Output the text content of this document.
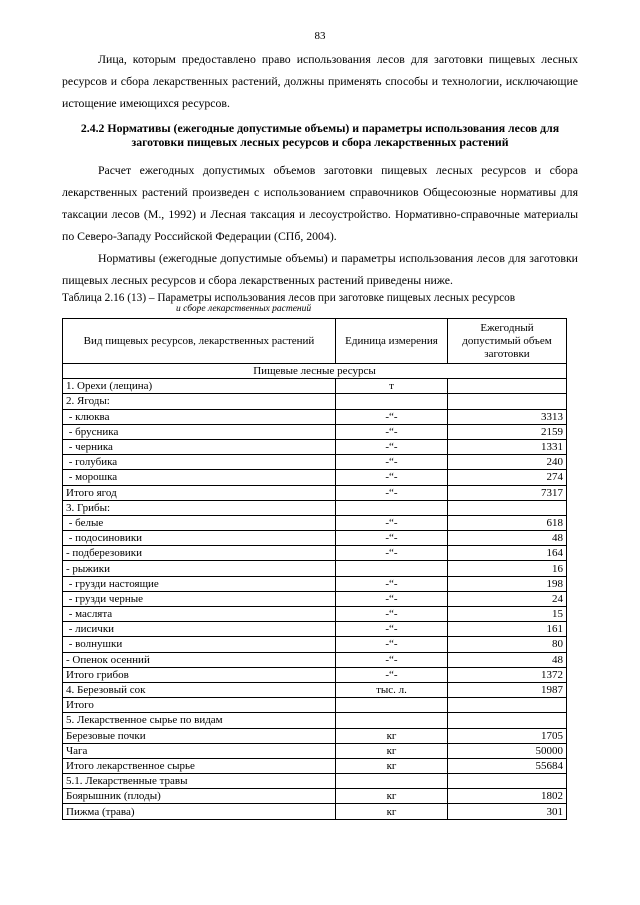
83

Лица, которым предоставлено право использования лесов для заготовки пищевых лесных ресурсов и сбора лекарственных растений, должны применять способы и технологии, исключающие истощение имеющихся ресурсов.

2.4.2 Нормативы (ежегодные допустимые объемы) и параметры использования лесов для заготовки пищевых лесных ресурсов и сбора лекарственных растений

Расчет ежегодных допустимых объемов заготовки пищевых лесных ресурсов и сбора лекарственных растений произведен с использованием справочников Общесоюзные нормативы для таксации лесов (М., 1992) и Лесная таксация и лесоустройство. Нормативно-справочные материалы по Северо-Западу Российской Федерации (СПб, 2004).

Нормативы (ежегодные допустимые объемы) и параметры использования лесов для заготовки пищевых лесных ресурсов и сбора лекарственных растений приведены ниже.

Таблица 2.16 (13) – Параметры использования лесов при заготовке пищевых лесных ресурсов
и сборе лекарственных растений
Вид пищевых ресурсов, лекарственных растений	Единица измерения	Ежегодный допустимый объем заготовки
Пищевые лесные ресурсы		
1. Орехи (лещина)	т	
2. Ягоды:		
- клюква	-“-	3313
- брусника	-“-	2159
- черника	-“-	1331
- голубика	-“-	240
- морошка	-“-	274
Итого ягод	-“-	7317
3. Грибы:		
- белые	-“-	618
- подосиновики	-“-	48
- подберезовики	-“-	164
- рыжики		16
- грузди настоящие	-“-	198
- грузди черные	-“-	24
- маслята	-“-	15
- лисички	-“-	161
- волнушки	-“-	80
- Опенок осенний	-“-	48
Итого грибов	-“-	1372
4. Березовый сок	тыс. л.	1987
Итого		
5. Лекарственное сырье по видам		
Березовые почки	кг	1705
Чага	кг	50000
Итого лекарственное сырье	кг	55684
5.1. Лекарственные травы		
Боярышник (плоды)	кг	1802
Пижма (трава)	кг	301
